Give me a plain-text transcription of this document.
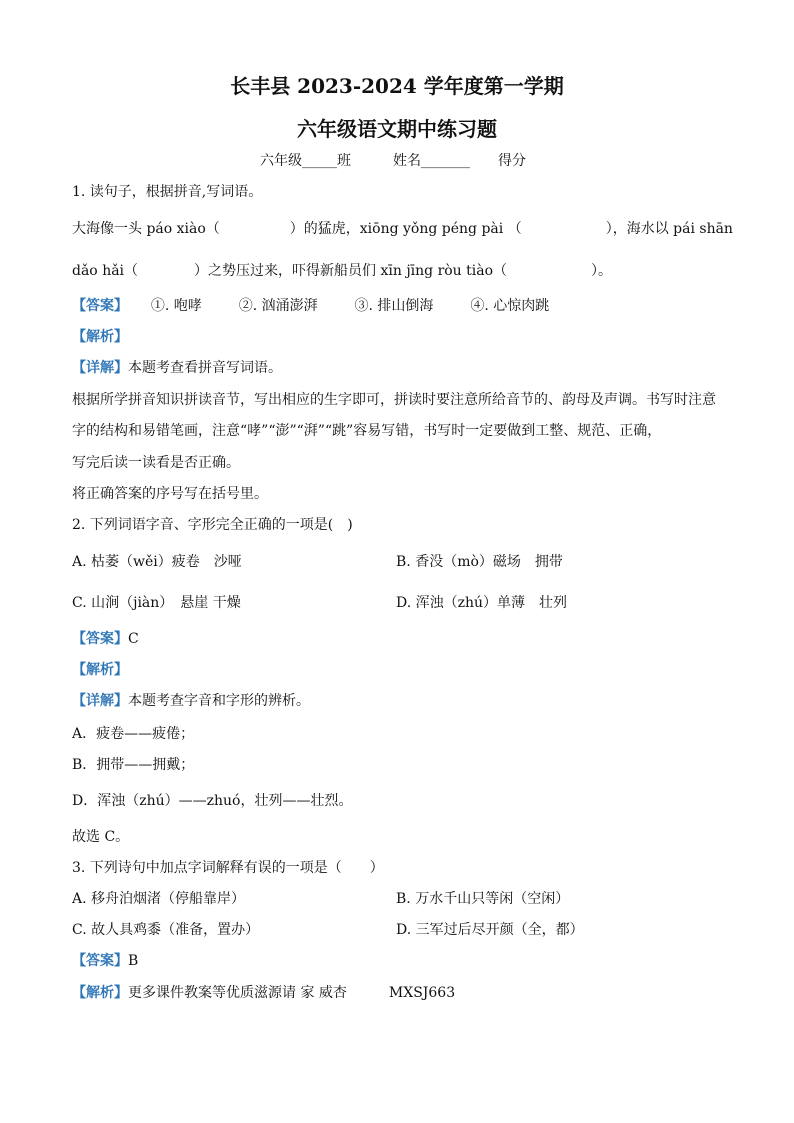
长丰县 2023-2024 学年度第一学期
六年级语文期中练习题
六年级_____班　　　姓名_______　　得分
1. 读句子，根据拼音,写词语。
大海像一头 páo xiào（　　　　　）的猛虎，xiōng yǒng péng pài （　　　　　　），海水以 pái shān
dǎo hǎi（　　　　）之势压过来，吓得新船员们 xīn jīng ròu tiào（　　　　　　）。
【答案】 ①. 咆哮	②. 汹涌澎湃	③. 排山倒海	④. 心惊肉跳
【解析】
【详解】本题考查看拼音写词语。
根据所学拼音知识拼读音节，写出相应的生字即可，拼读时要注意所给音节的、韵母及声调。书写时注意
字的结构和易错笔画，注意“哮”“澎”“湃”“跳”容易写错，书写时一定要做到工整、规范、正确，
写完后读一读看是否正确。
将正确答案的序号写在括号里。
2. 下列词语字音、字形完全正确的一项是(　)
A. 枯萎（wěi）疲卷　沙哑	B. 香没（mò）磁场　拥带
C. 山涧（jiàn）　悬崖 干燥	D. 浑浊（zhú）单薄　壮列
【答案】C
【解析】
【详解】本题考查字音和字形的辨析。
A．疲卷——疲倦；
B．拥带——拥戴；
D．浑浊（zhú）——zhuó，壮列——壮烈。
故选 C。
3. 下列诗句中加点字词解释有误的一项是（　　）
A. 移舟泊烟渚（停船靠岸）	B. 万水千山只等闲（空闲）
C. 故人具鸡黍（准备，置办）	D. 三军过后尽开颜（全，都）
【答案】B
【解析】更多课件教案等优质滋源请 家 威杏　　　MXSJ663
